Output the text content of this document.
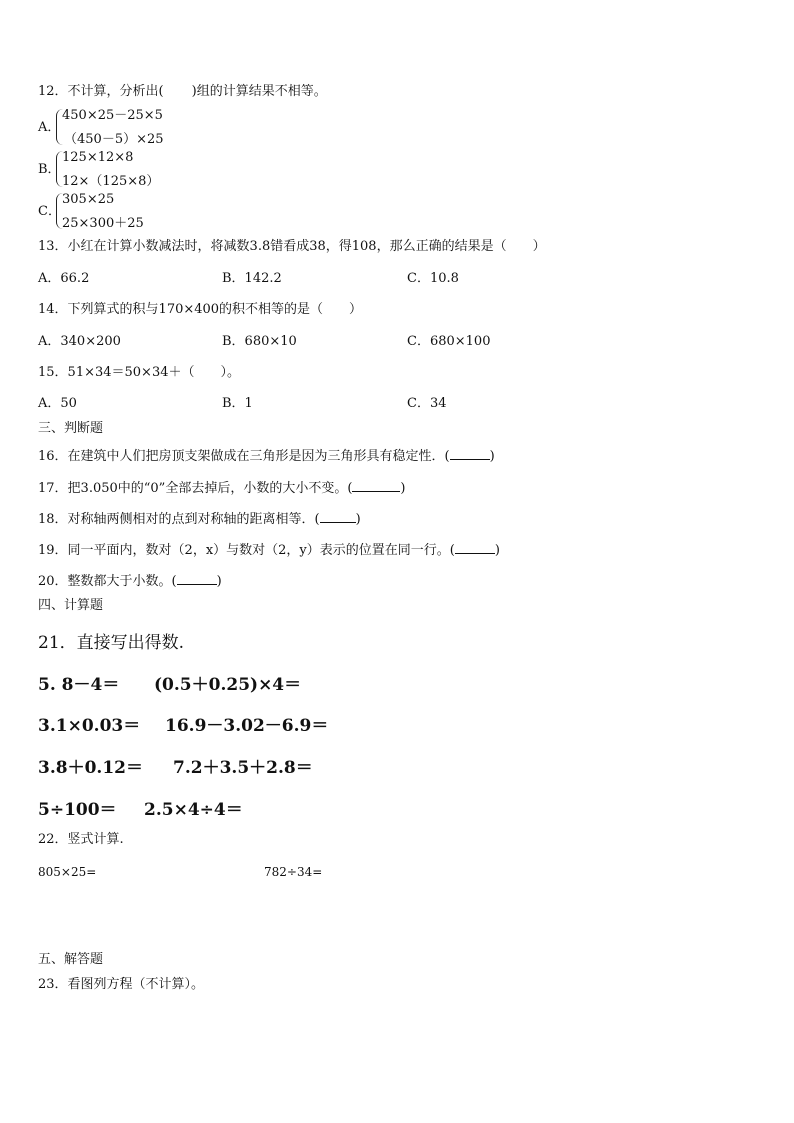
12．不计算，分析出( )组的计算结果不相等。
A．
450×25－25×5
（450－5）×25
B．
125×12×8
12×（125×8）
C．
305×25
25×300＋25
13．小红在计算小数减法时，将减数3.8错看成38，得108，那么正确的结果是（　　）
A．66.2	B．142.2	C．10.8
14．下列算式的积与170×400的积不相等的是（　　）
A．340×200	B．680×10	C．680×100
15．51×34＝50×34＋（　　）。
A．50	B．1	C．34
三、判断题
16．在建筑中人们把房顶支架做成在三角形是因为三角形具有稳定性．(	)
17．把3.050中的“0”全部去掉后，小数的大小不变。(	)
18．对称轴两侧相对的点到对称轴的距离相等．(	)
19．同一平面内，数对（2，x）与数对（2，y）表示的位置在同一行。(	)
20．整数都大于小数。(	)
四、计算题
21．直接写出得数.
5. 8－4＝ (0.5＋0.25)×4＝
3.1×0.03＝ 16.9－3.02－6.9＝
3.8＋0.12＝ 7.2＋3.5＋2.8＝
5÷100＝ 2.5×4÷4＝
22．竖式计算.
805×25=	782÷34=
五、解答题
23．看图列方程（不计算）。
